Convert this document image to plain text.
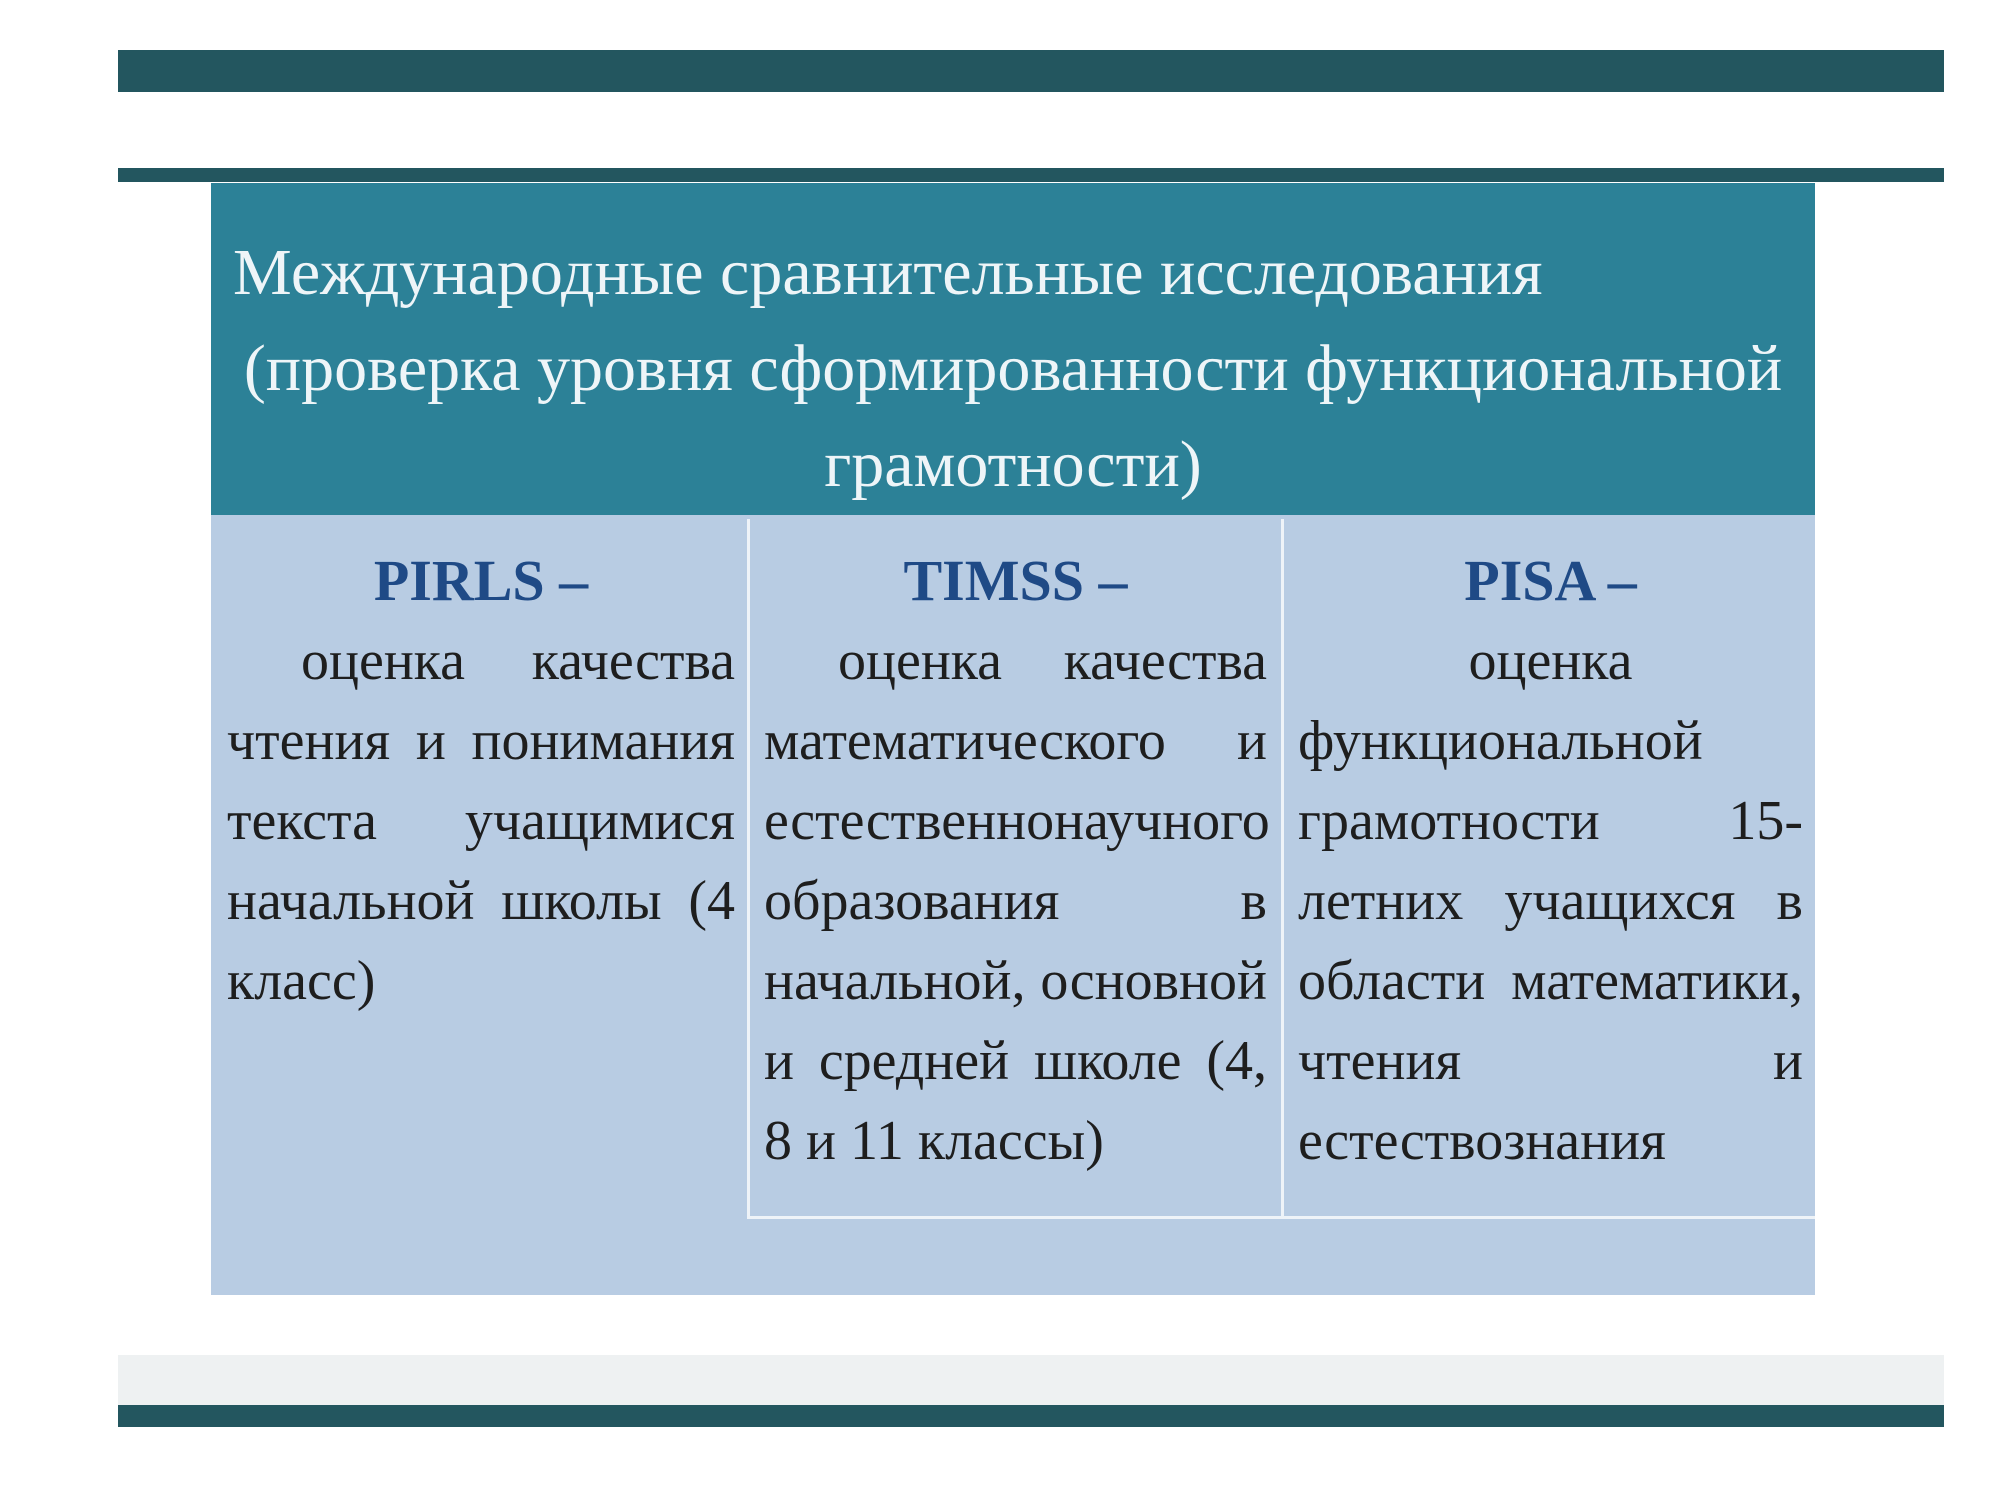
Международные сравнительные исследования
(проверка уровня сформированности функциональной
грамотности)
PIRLS –
оценка качества чтения и понимания текста учащимися начальной школы (4 класс)
TIMSS –
оценка качества математического и естественнонаучного образования в начальной, основной и средней школе (4, 8 и 11 классы)
PISA –
оценка
функциональной грамотности 15-летних учащихся в области математики, чтения и естествознания
